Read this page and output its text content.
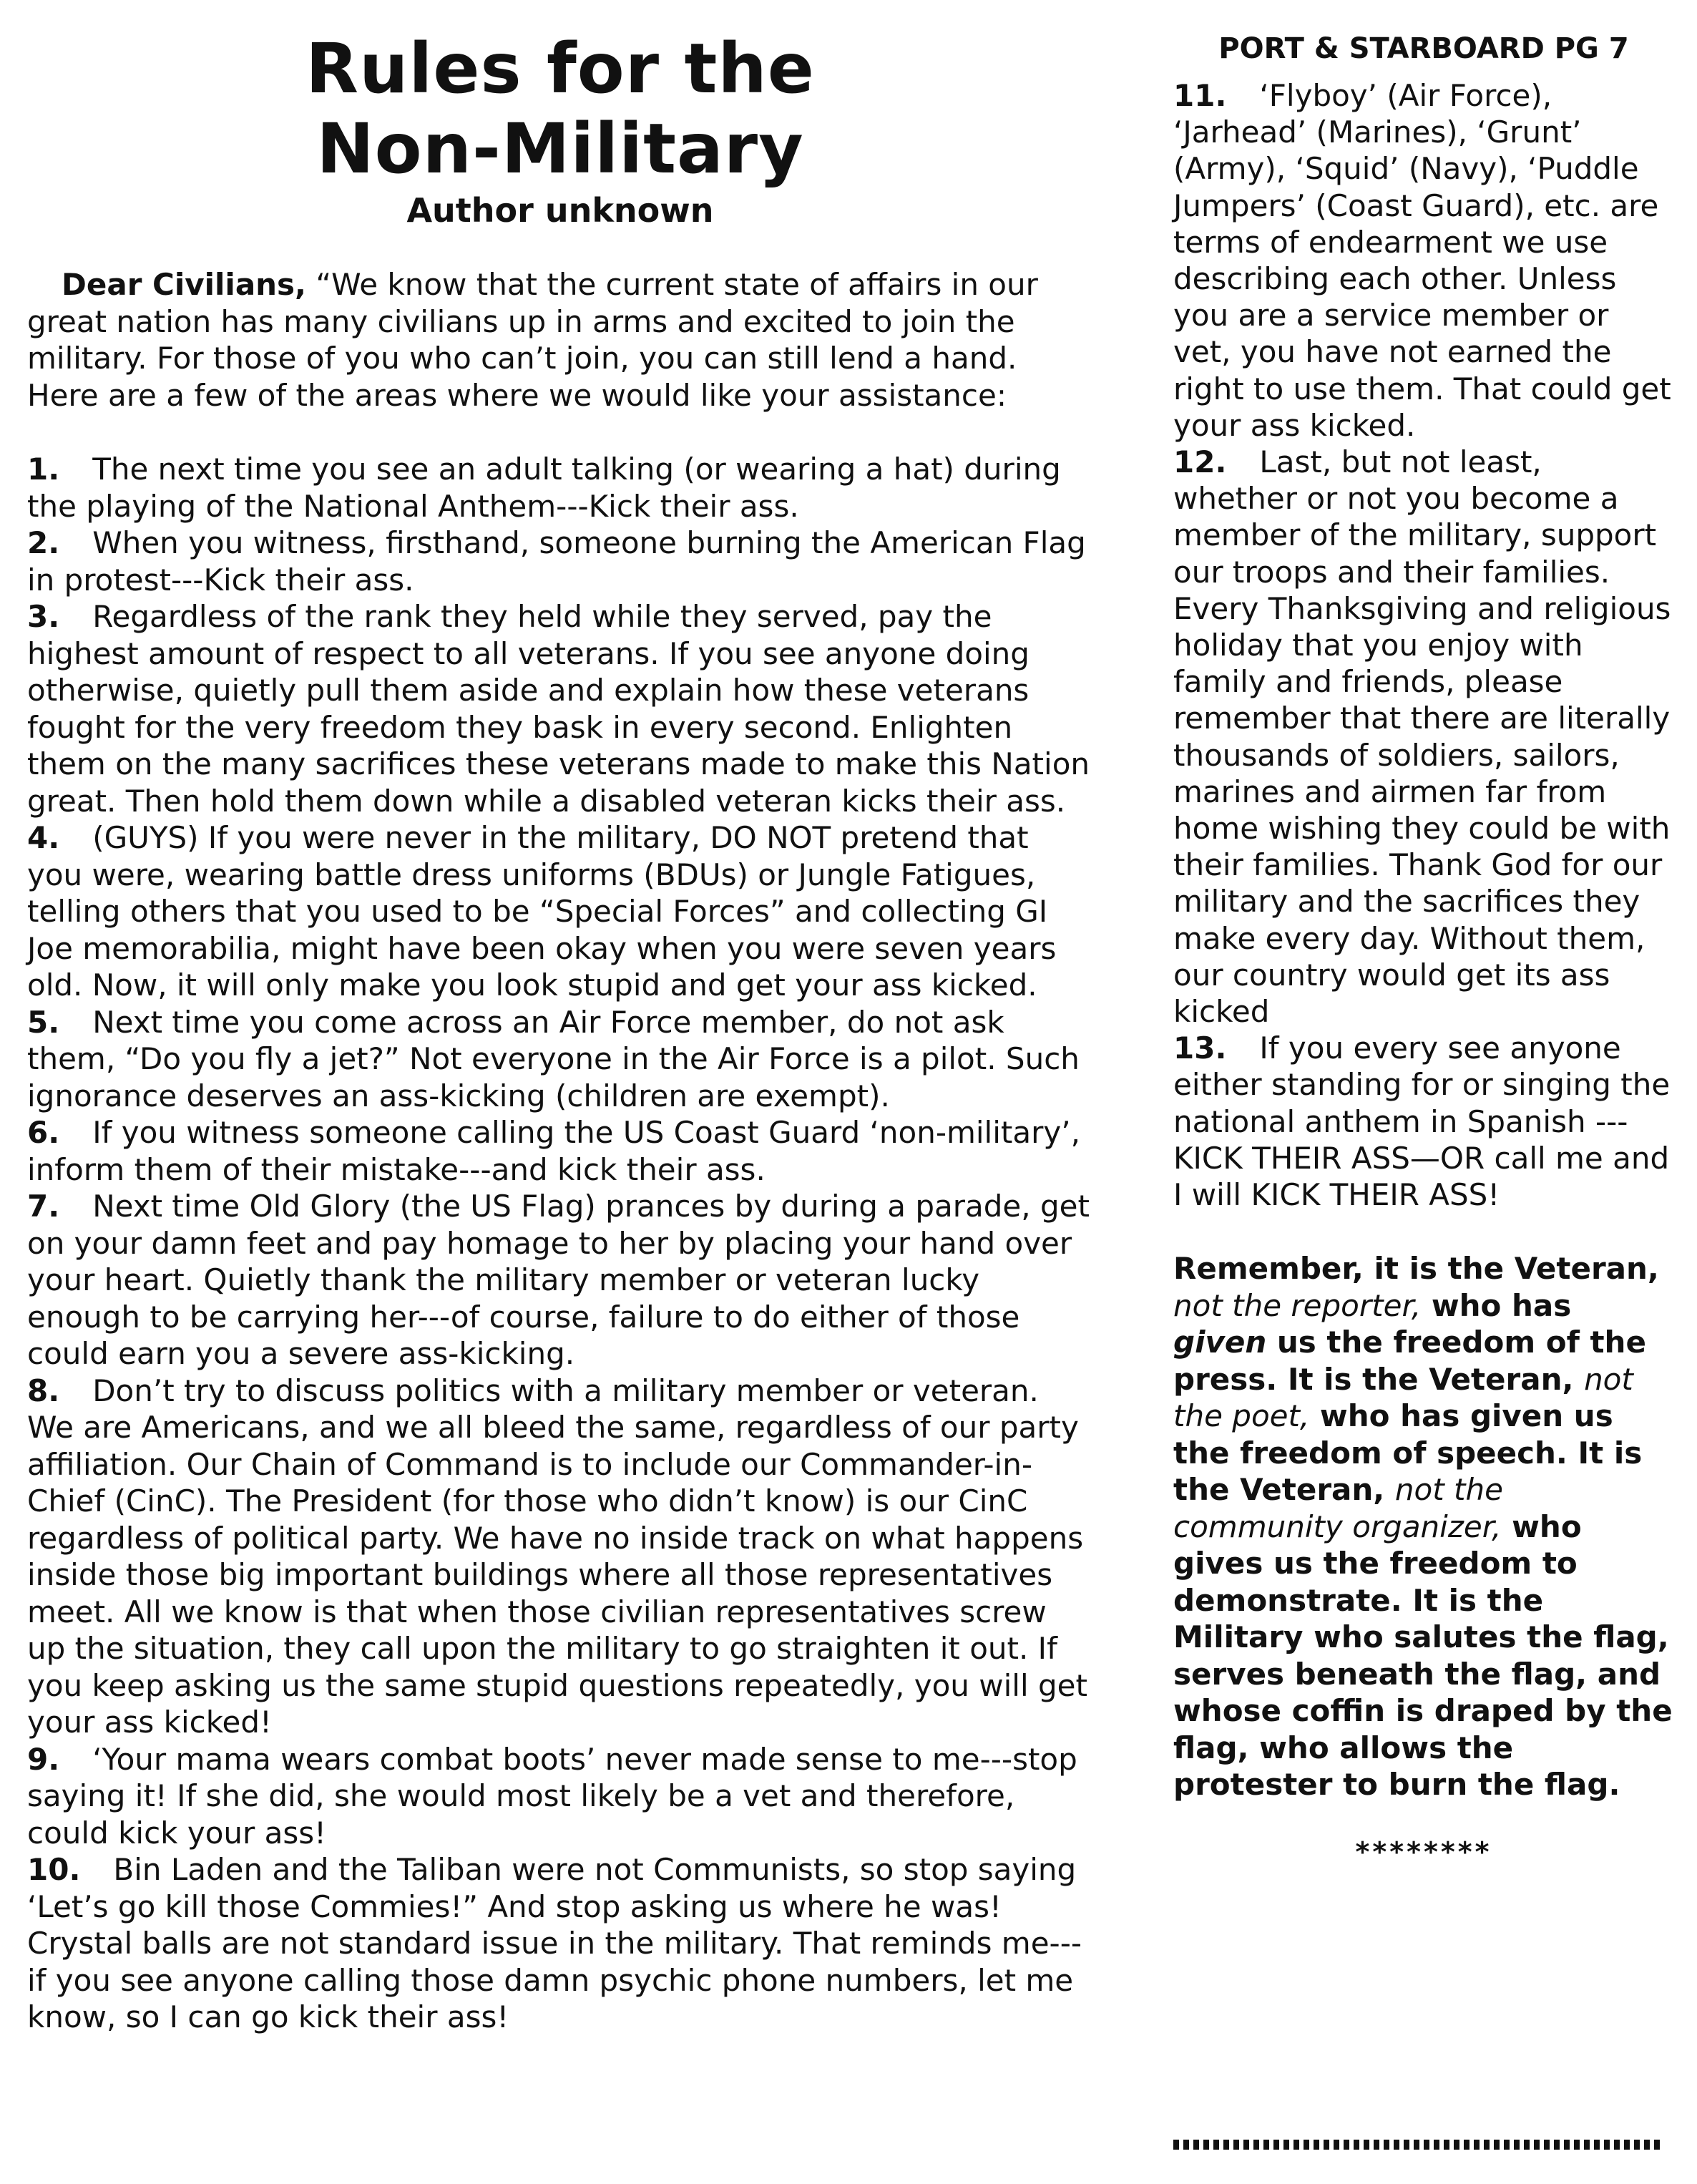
Rules for the
Non-Military

Author unknown

Dear Civilians, “We know that the current state of affairs in our great nation has many civilians up in arms and excited to join the military. For those of you who can’t join, you can still lend a hand. Here are a few of the areas where we would like your assistance:

1. The next time you see an adult talking (or wearing a hat) during the playing of the National Anthem---Kick their ass.

2. When you witness, firsthand, someone burning the American Flag in protest---Kick their ass.

3. Regardless of the rank they held while they served, pay the highest amount of respect to all veterans. If you see anyone doing otherwise, quietly pull them aside and explain how these veterans fought for the very freedom they bask in every second. Enlighten them on the many sacrifices these veterans made to make this Nation great. Then hold them down while a disabled veteran kicks their ass.

4. (GUYS) If you were never in the military, DO NOT pretend that you were, wearing battle dress uniforms (BDUs) or Jungle Fatigues, telling others that you used to be “Special Forces” and collecting GI Joe memorabilia, might have been okay when you were seven years old. Now, it will only make you look stupid and get your ass kicked.

5. Next time you come across an Air Force member, do not ask them, “Do you fly a jet?” Not everyone in the Air Force is a pilot. Such ignorance deserves an ass-kicking (children are exempt).

6. If you witness someone calling the US Coast Guard ‘non-military’, inform them of their mistake---and kick their ass.

7. Next time Old Glory (the US Flag) prances by during a parade, get on your damn feet and pay homage to her by placing your hand over your heart. Quietly thank the military member or veteran lucky enough to be carrying her---of course, failure to do either of those could earn you a severe ass-kicking.

8. Don’t try to discuss politics with a military member or veteran. We are Americans, and we all bleed the same, regardless of our party affiliation. Our Chain of Command is to include our Commander-in-Chief (CinC). The President (for those who didn’t know) is our CinC regardless of political party. We have no inside track on what happens inside those big important buildings where all those representatives meet. All we know is that when those civilian representatives screw up the situation, they call upon the military to go straighten it out. If you keep asking us the same stupid questions repeatedly, you will get your ass kicked!

9. ‘Your mama wears combat boots’ never made sense to me---stop saying it! If she did, she would most likely be a vet and therefore, could kick your ass!

10. Bin Laden and the Taliban were not Communists, so stop saying ‘Let’s go kill those Commies!” And stop asking us where he was! Crystal balls are not standard issue in the military. That reminds me---if you see anyone calling those damn psychic phone numbers, let me know, so I can go kick their ass!

PORT & STARBOARD PG 7

11. ‘Flyboy’ (Air Force), ‘Jarhead’ (Marines), ‘Grunt’ (Army), ‘Squid’ (Navy), ‘Puddle Jumpers’ (Coast Guard), etc. are terms of endearment we use describing each other. Unless you are a service member or vet, you have not earned the right to use them. That could get your ass kicked.

12. Last, but not least, whether or not you become a member of the military, support our troops and their families. Every Thanksgiving and religious holiday that you enjoy with family and friends, please remember that there are literally thousands of soldiers, sailors, marines and airmen far from home wishing they could be with their families. Thank God for our military and the sacrifices they make every day. Without them, our country would get its ass kicked

13. If you every see anyone either standing for or singing the national anthem in Spanish ---KICK THEIR ASS—OR call me and I will KICK THEIR ASS!

Remember, it is the Veteran, not the reporter, who has given us the freedom of the press. It is the Veteran, not the poet, who has given us the freedom of speech. It is the Veteran, not the community organizer, who gives us the freedom to demonstrate. It is the Military who salutes the flag, serves beneath the flag, and whose coffin is draped by the flag, who allows the protester to burn the flag.

********
